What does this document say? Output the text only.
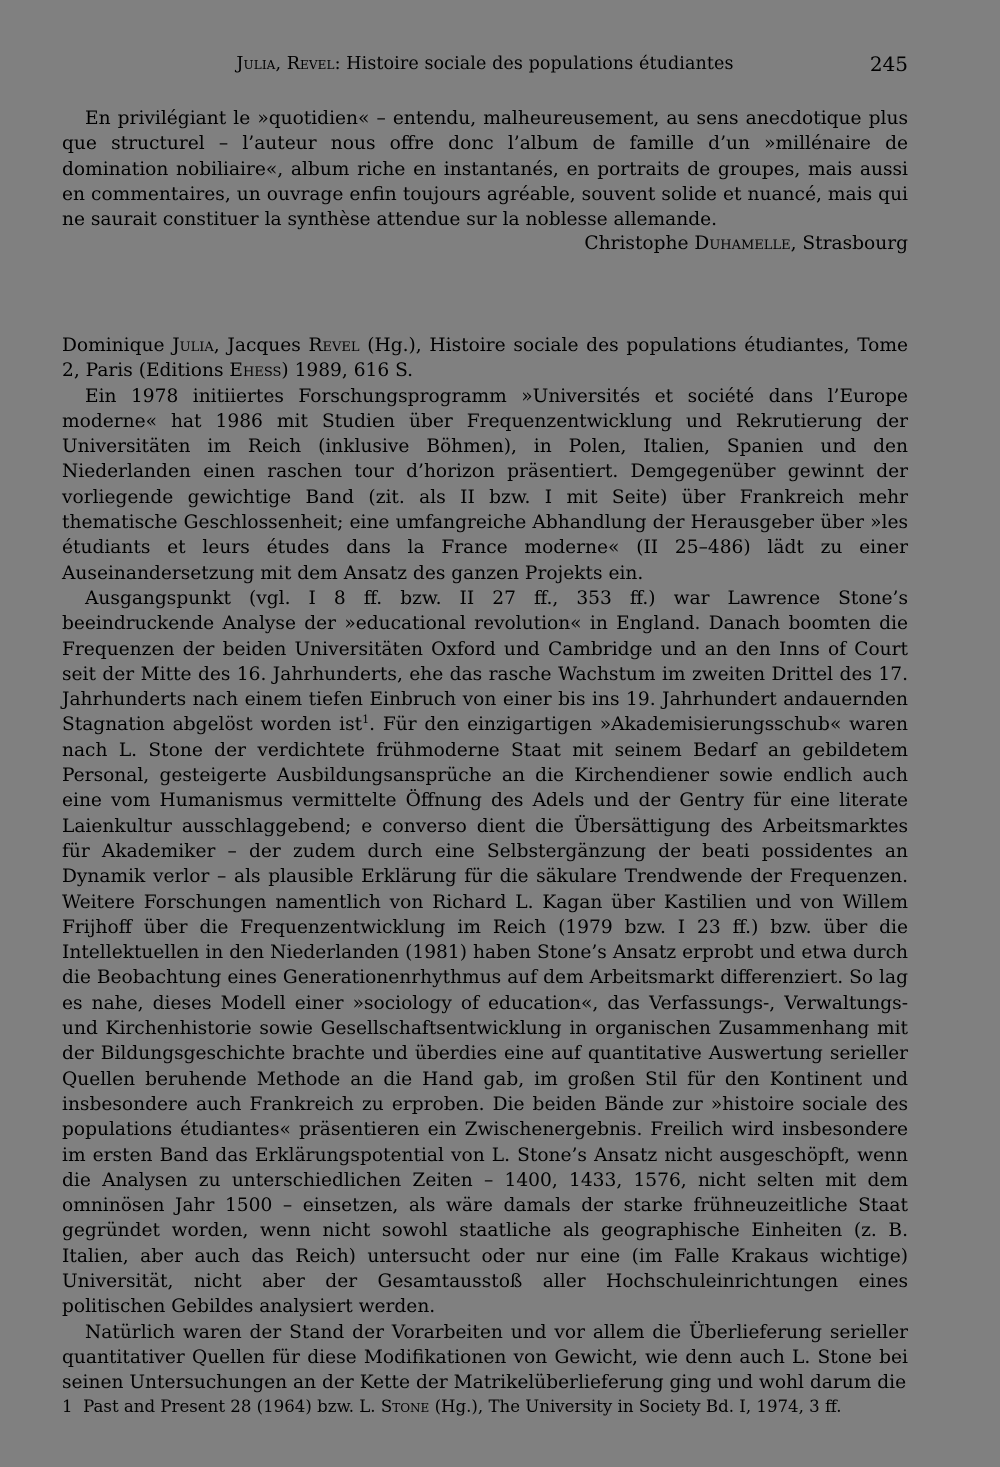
Julia, Revel: Histoire sociale des populations étudiantes	245

En privilégiant le »quotidien« – entendu, malheureusement, au sens anecdotique plus que structurel – l’auteur nous offre donc l’album de famille d’un »millénaire de domination nobiliaire«, album riche en instantanés, en portraits de groupes, mais aussi en commentaires, un ouvrage enfin toujours agréable, souvent solide et nuancé, mais qui ne saurait constituer la synthèse attendue sur la noblesse allemande.

Christophe Duhamelle, Strasbourg

Dominique Julia, Jacques Revel (Hg.), Histoire sociale des populations étudiantes, Tome 2, Paris (Editions Ehess) 1989, 616 S.

Ein 1978 initiiertes Forschungsprogramm »Universités et société dans l’Europe moderne« hat 1986 mit Studien über Frequenzentwicklung und Rekrutierung der Universitäten im Reich (inklusive Böhmen), in Polen, Italien, Spanien und den Niederlanden einen raschen tour d’horizon präsentiert. Demgegenüber gewinnt der vorliegende gewichtige Band (zit. als II bzw. I mit Seite) über Frankreich mehr thematische Geschlossenheit; eine umfangreiche Abhandlung der Herausgeber über »les étudiants et leurs études dans la France moderne« (II 25–486) lädt zu einer Auseinandersetzung mit dem Ansatz des ganzen Projekts ein.

Ausgangspunkt (vgl. I 8 ff. bzw. II 27 ff., 353 ff.) war Lawrence Stone’s beeindruckende Analyse der »educational revolution« in England. Danach boomten die Frequenzen der beiden Universitäten Oxford und Cambridge und an den Inns of Court seit der Mitte des 16. Jahrhunderts, ehe das rasche Wachstum im zweiten Drittel des 17. Jahrhunderts nach einem tiefen Einbruch von einer bis ins 19. Jahrhundert andauernden Stagnation abgelöst worden ist$^1$. Für den einzigartigen »Akademisierungsschub« waren nach L. Stone der verdichtete frühmoderne Staat mit seinem Bedarf an gebildetem Personal, gesteigerte Ausbildungsansprüche an die Kirchendiener sowie endlich auch eine vom Humanismus vermittelte Öffnung des Adels und der Gentry für eine literate Laienkultur ausschlaggebend; e converso dient die Übersättigung des Arbeitsmarktes für Akademiker – der zudem durch eine Selbstergänzung der beati possidentes an Dynamik verlor – als plausible Erklärung für die säkulare Trendwende der Frequenzen. Weitere Forschungen namentlich von Richard L. Kagan über Kastilien und von Willem Frijhoff über die Frequenzentwicklung im Reich (1979 bzw. I 23 ff.) bzw. über die Intellektuellen in den Niederlanden (1981) haben Stone’s Ansatz erprobt und etwa durch die Beobachtung eines Generationenrhythmus auf dem Arbeitsmarkt differenziert. So lag es nahe, dieses Modell einer »sociology of education«, das Verfassungs-, Verwaltungs- und Kirchenhistorie sowie Gesellschaftsentwicklung in organischen Zusammenhang mit der Bildungsgeschichte brachte und überdies eine auf quantitative Auswertung serieller Quellen beruhende Methode an die Hand gab, im großen Stil für den Kontinent und insbesondere auch Frankreich zu erproben. Die beiden Bände zur »histoire sociale des populations étudiantes« präsentieren ein Zwischenergebnis. Freilich wird insbesondere im ersten Band das Erklärungspotential von L. Stone’s Ansatz nicht ausgeschöpft, wenn die Analysen zu unterschiedlichen Zeiten – 1400, 1433, 1576, nicht selten mit dem omninösen Jahr 1500 – einsetzen, als wäre damals der starke frühneuzeitliche Staat gegründet worden, wenn nicht sowohl staatliche als geographische Einheiten (z. B. Italien, aber auch das Reich) untersucht oder nur eine (im Falle Krakaus wichtige) Universität, nicht aber der Gesamtausstoß aller Hochschuleinrichtungen eines politischen Gebildes analysiert werden.

Natürlich waren der Stand der Vorarbeiten und vor allem die Überlieferung serieller quantitativer Quellen für diese Modifikationen von Gewicht, wie denn auch L. Stone bei seinen Untersuchungen an der Kette der Matrikelüberlieferung ging und wohl darum die

1 Past and Present 28 (1964) bzw. L. Stone (Hg.), The University in Society Bd. I, 1974, 3 ff.
